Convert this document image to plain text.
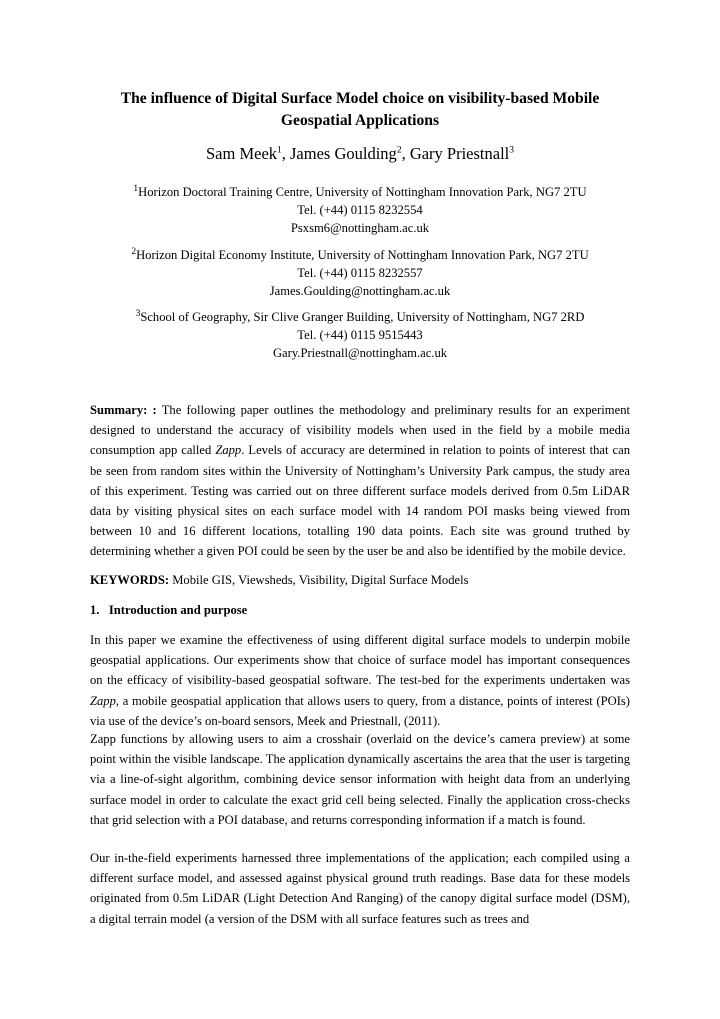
The influence of Digital Surface Model choice on visibility-based Mobile
Geospatial Applications
Sam Meek$^1$, James Goulding$^2$, Gary Priestnall$^3$
$^1$Horizon Doctoral Training Centre, University of Nottingham Innovation Park, NG7 2TU
Tel. (+44) 0115 8232554
Psxsm6@nottingham.ac.uk
$^2$Horizon Digital Economy Institute, University of Nottingham Innovation Park, NG7 2TU
Tel. (+44) 0115 8232557
James.Goulding@nottingham.ac.uk
$^3$School of Geography, Sir Clive Granger Building, University of Nottingham, NG7 2RD
Tel. (+44) 0115 9515443
Gary.Priestnall@nottingham.ac.uk

Summary: : The following paper outlines the methodology and preliminary results for an experiment designed to understand the accuracy of visibility models when used in the field by a mobile media consumption app called Zapp. Levels of accuracy are determined in relation to points of interest that can be seen from random sites within the University of Nottingham’s University Park campus, the study area of this experiment. Testing was carried out on three different surface models derived from 0.5m LiDAR data by visiting physical sites on each surface model with 14 random POI masks being viewed from between 10 and 16 different locations, totalling 190 data points. Each site was ground truthed by determining whether a given POI could be seen by the user be and also be identified by the mobile device.

KEYWORDS: Mobile GIS, Viewsheds, Visibility, Digital Surface Models

1.   Introduction and purpose

In this paper we examine the effectiveness of using different digital surface models to underpin mobile geospatial applications. Our experiments show that choice of surface model has important consequences on the efficacy of visibility-based geospatial software. The test-bed for the experiments undertaken was Zapp, a mobile geospatial application that allows users to query, from a distance, points of interest (POIs) via use of the device’s on-board sensors, Meek and Priestnall, (2011).

Zapp functions by allowing users to aim a crosshair (overlaid on the device’s camera preview) at some point within the visible landscape. The application dynamically ascertains the area that the user is targeting via a line-of-sight algorithm, combining device sensor information with height data from an underlying surface model in order to calculate the exact grid cell being selected. Finally the application cross-checks that grid selection with a POI database, and returns corresponding information if a match is found.
Our in-the-field experiments harnessed three implementations of the application; each compiled using a different surface model, and assessed against physical ground truth readings. Base data for these models originated from 0.5m LiDAR (Light Detection And Ranging) of the canopy digital surface model (DSM), a digital terrain model (a version of the DSM with all surface features such as trees and
